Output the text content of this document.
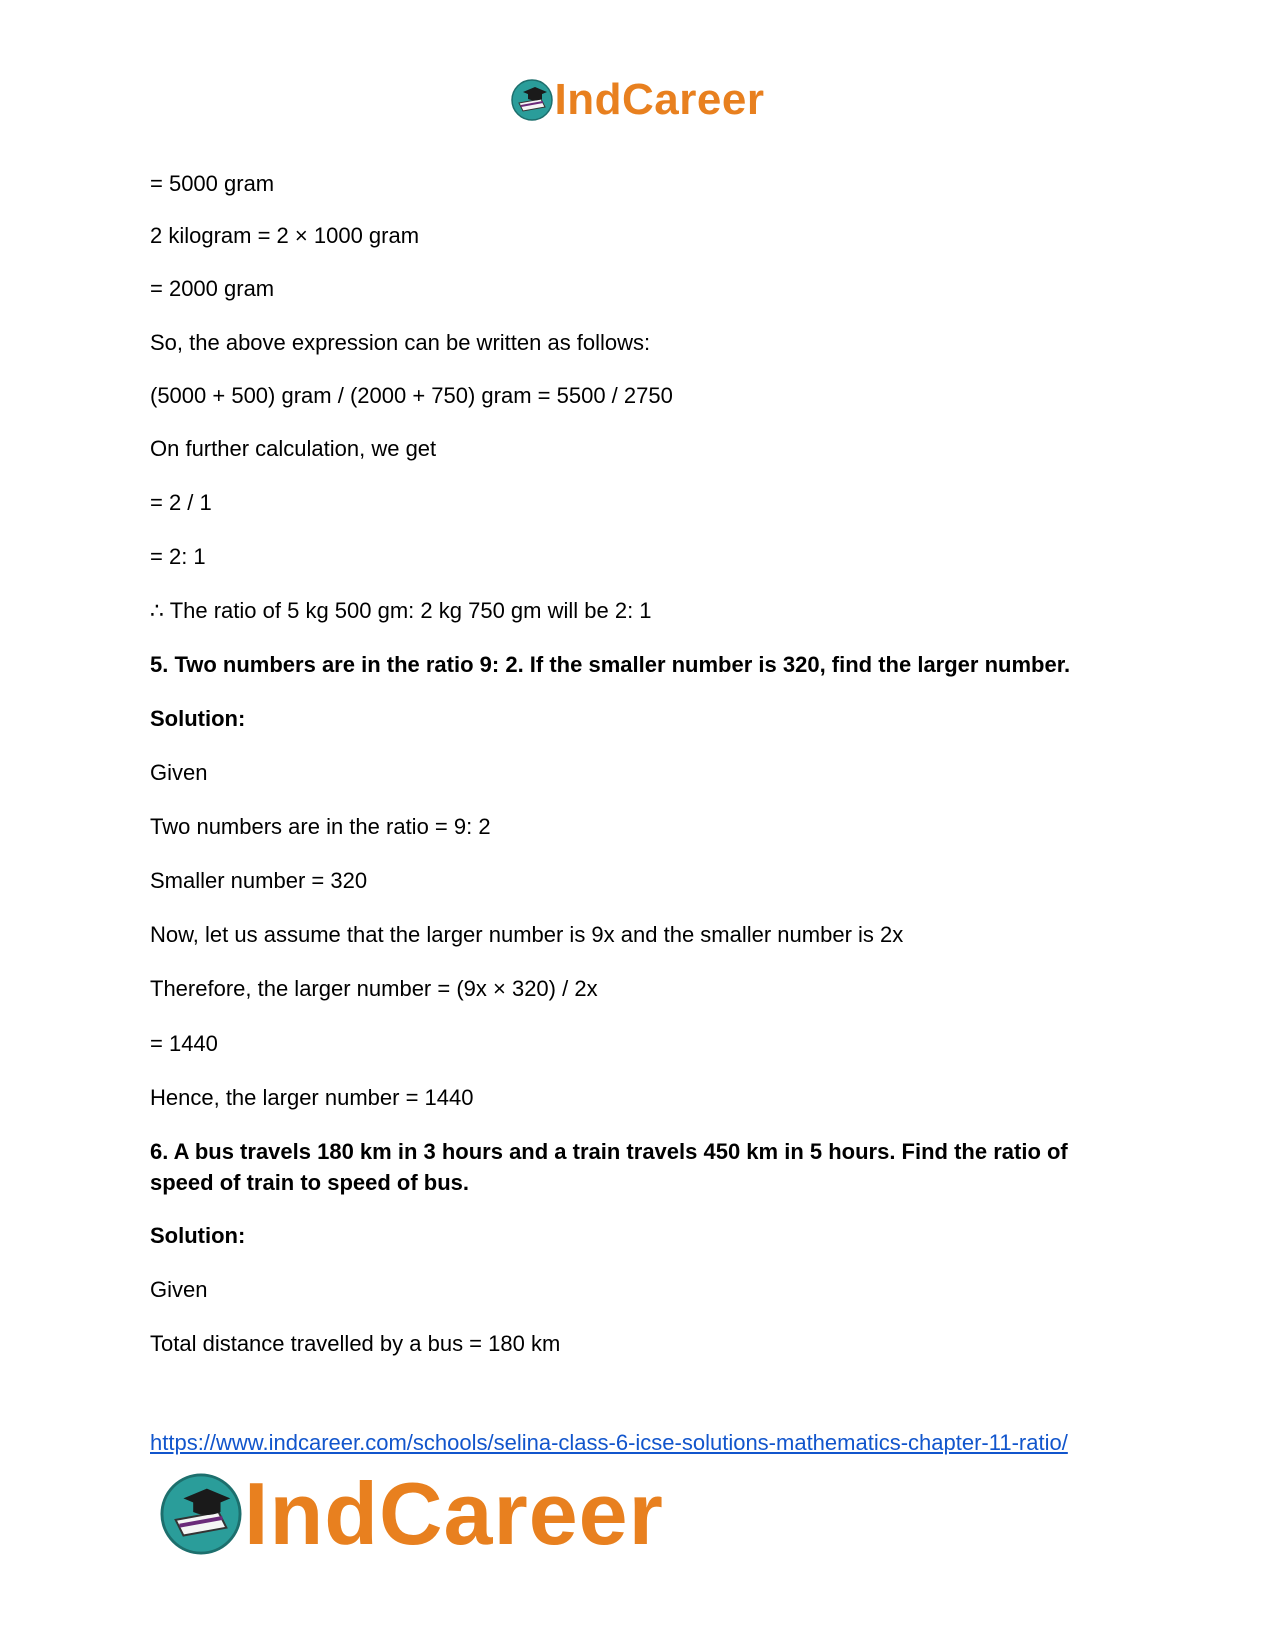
IndCareer
= 5000 gram
2 kilogram = 2 × 1000 gram
= 2000 gram
So, the above expression can be written as follows:
(5000 + 500) gram / (2000 + 750) gram = 5500 / 2750
On further calculation, we get
= 2 / 1
= 2: 1
∴ The ratio of 5 kg 500 gm: 2 kg 750 gm will be 2: 1
5. Two numbers are in the ratio 9: 2. If the smaller number is 320, find the larger number.
Solution:
Given
Two numbers are in the ratio = 9: 2
Smaller number = 320
Now, let us assume that the larger number is 9x and the smaller number is 2x
Therefore, the larger number = (9x × 320) / 2x
= 1440
Hence, the larger number = 1440
6. A bus travels 180 km in 3 hours and a train travels 450 km in 5 hours. Find the ratio of speed of train to speed of bus.
Solution:
Given
Total distance travelled by a bus = 180 km
https://www.indcareer.com/schools/selina-class-6-icse-solutions-mathematics-chapter-11-ratio/
IndCareer
